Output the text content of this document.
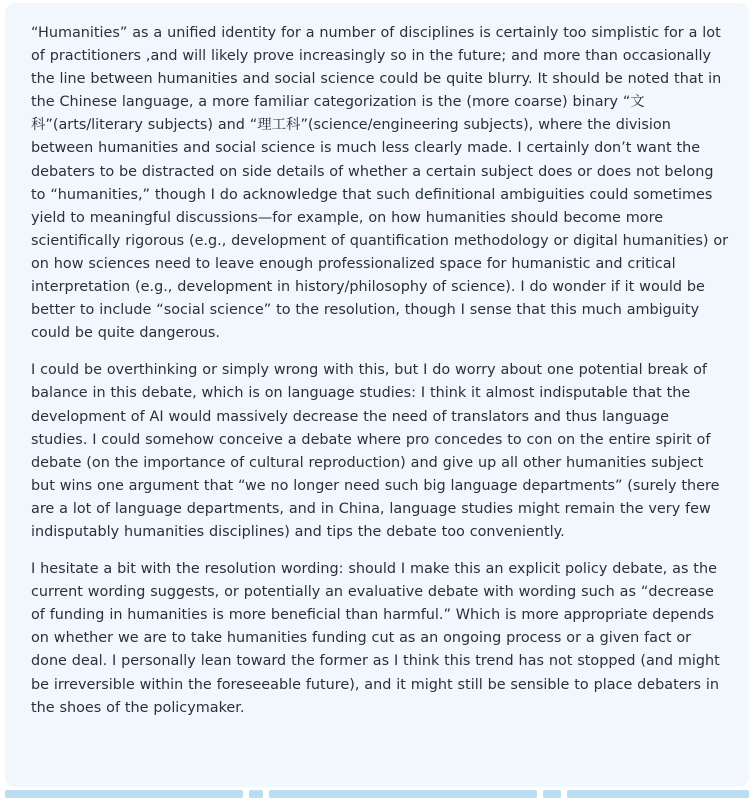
“Humanities” as a unified identity for a number of disciplines is certainly too simplistic for a lot of practitioners ,and will likely prove increasingly so in the future; and more than occasionally the line between humanities and social science could be quite blurry. It should be noted that in the Chinese language, a more familiar categorization is the (more coarse) binary “文科”(arts/literary subjects) and “理工科”(science/engineering subjects), where the division between humanities and social science is much less clearly made. I certainly don’t want the debaters to be distracted on side details of whether a certain subject does or does not belong to “humanities,” though I do acknowledge that such definitional ambiguities could sometimes yield to meaningful discussions—for example, on how humanities should become more scientifically rigorous (e.g., development of quantification methodology or digital humanities) or on how sciences need to leave enough professionalized space for humanistic and critical interpretation (e.g., development in history/philosophy of science). I do wonder if it would be better to include “social science” to the resolution, though I sense that this much ambiguity could be quite dangerous.

I could be overthinking or simply wrong with this, but I do worry about one potential break of balance in this debate, which is on language studies: I think it almost indisputable that the development of AI would massively decrease the need of translators and thus language studies. I could somehow conceive a debate where pro concedes to con on the entire spirit of debate (on the importance of cultural reproduction) and give up all other humanities subject but wins one argument that “we no longer need such big language departments” (surely there are a lot of language departments, and in China, language studies might remain the very few indisputably humanities disciplines) and tips the debate too conveniently.

I hesitate a bit with the resolution wording: should I make this an explicit policy debate, as the current wording suggests, or potentially an evaluative debate with wording such as “decrease of funding in humanities is more beneficial than harmful.” Which is more appropriate depends on whether we are to take humanities funding cut as an ongoing process or a given fact or done deal. I personally lean toward the former as I think this trend has not stopped (and might be irreversible within the foreseeable future), and it might still be sensible to place debaters in the shoes of the policymaker.
